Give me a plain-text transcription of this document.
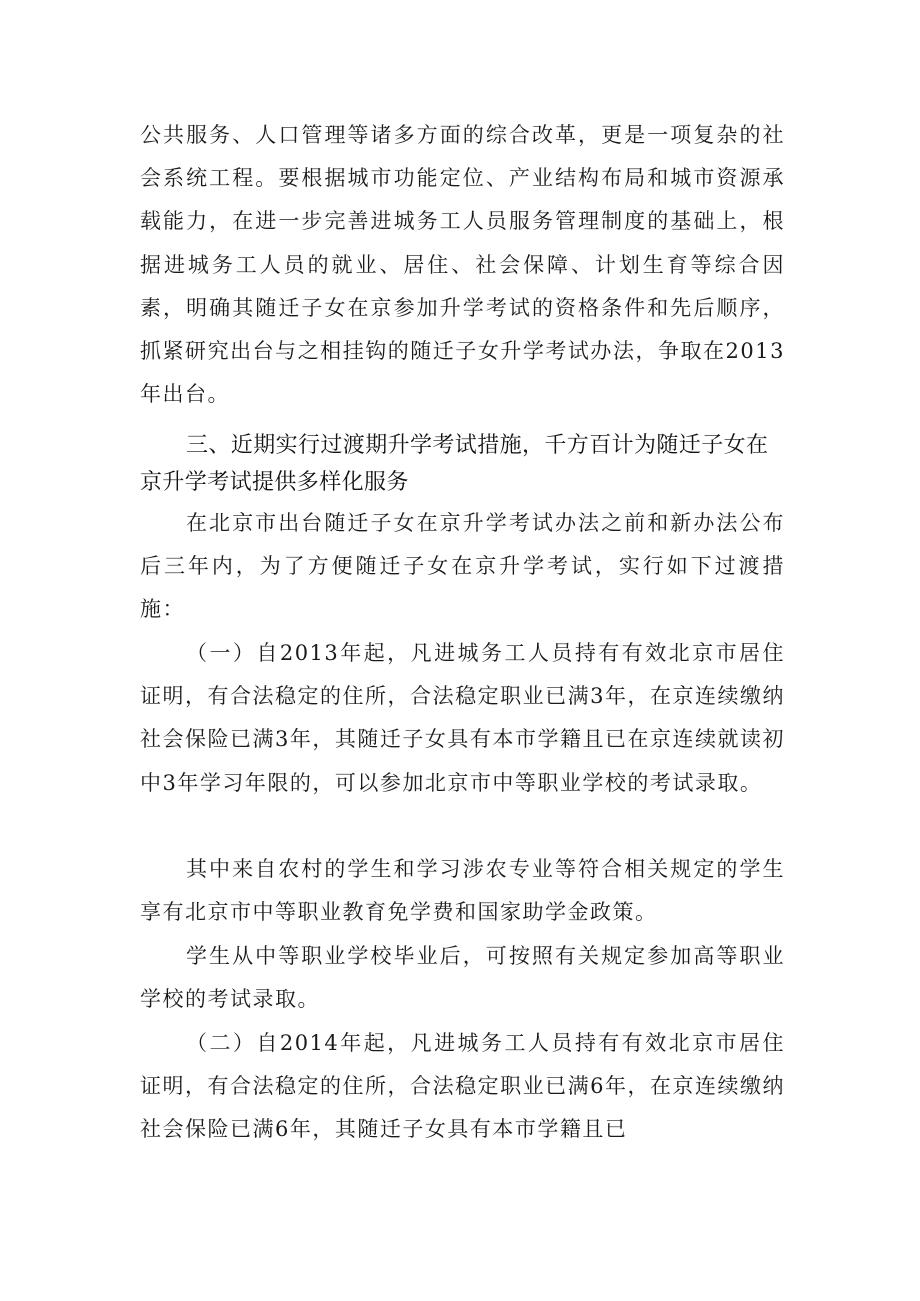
公共服务、人口管理等诸多方面的综合改革，更是一项复杂的社会系统工程。要根据城市功能定位、产业结构布局和城市资源承载能力，在进一步完善进城务工人员服务管理制度的基础上，根据进城务工人员的就业、居住、社会保障、计划生育等综合因素，明确其随迁子女在京参加升学考试的资格条件和先后顺序，抓紧研究出台与之相挂钩的随迁子女升学考试办法，争取在2013年出台。

三、近期实行过渡期升学考试措施，千方百计为随迁子女在京升学考试提供多样化服务

在北京市出台随迁子女在京升学考试办法之前和新办法公布后三年内，为了方便随迁子女在京升学考试，实行如下过渡措施：

（一）自2013年起，凡进城务工人员持有有效北京市居住证明，有合法稳定的住所，合法稳定职业已满3年，在京连续缴纳社会保险已满3年，其随迁子女具有本市学籍且已在京连续就读初中3年学习年限的，可以参加北京市中等职业学校的考试录取。

其中来自农村的学生和学习涉农专业等符合相关规定的学生享有北京市中等职业教育免学费和国家助学金政策。

学生从中等职业学校毕业后，可按照有关规定参加高等职业学校的考试录取。

（二）自2014年起，凡进城务工人员持有有效北京市居住证明，有合法稳定的住所，合法稳定职业已满6年，在京连续缴纳社会保险已满6年，其随迁子女具有本市学籍且已
